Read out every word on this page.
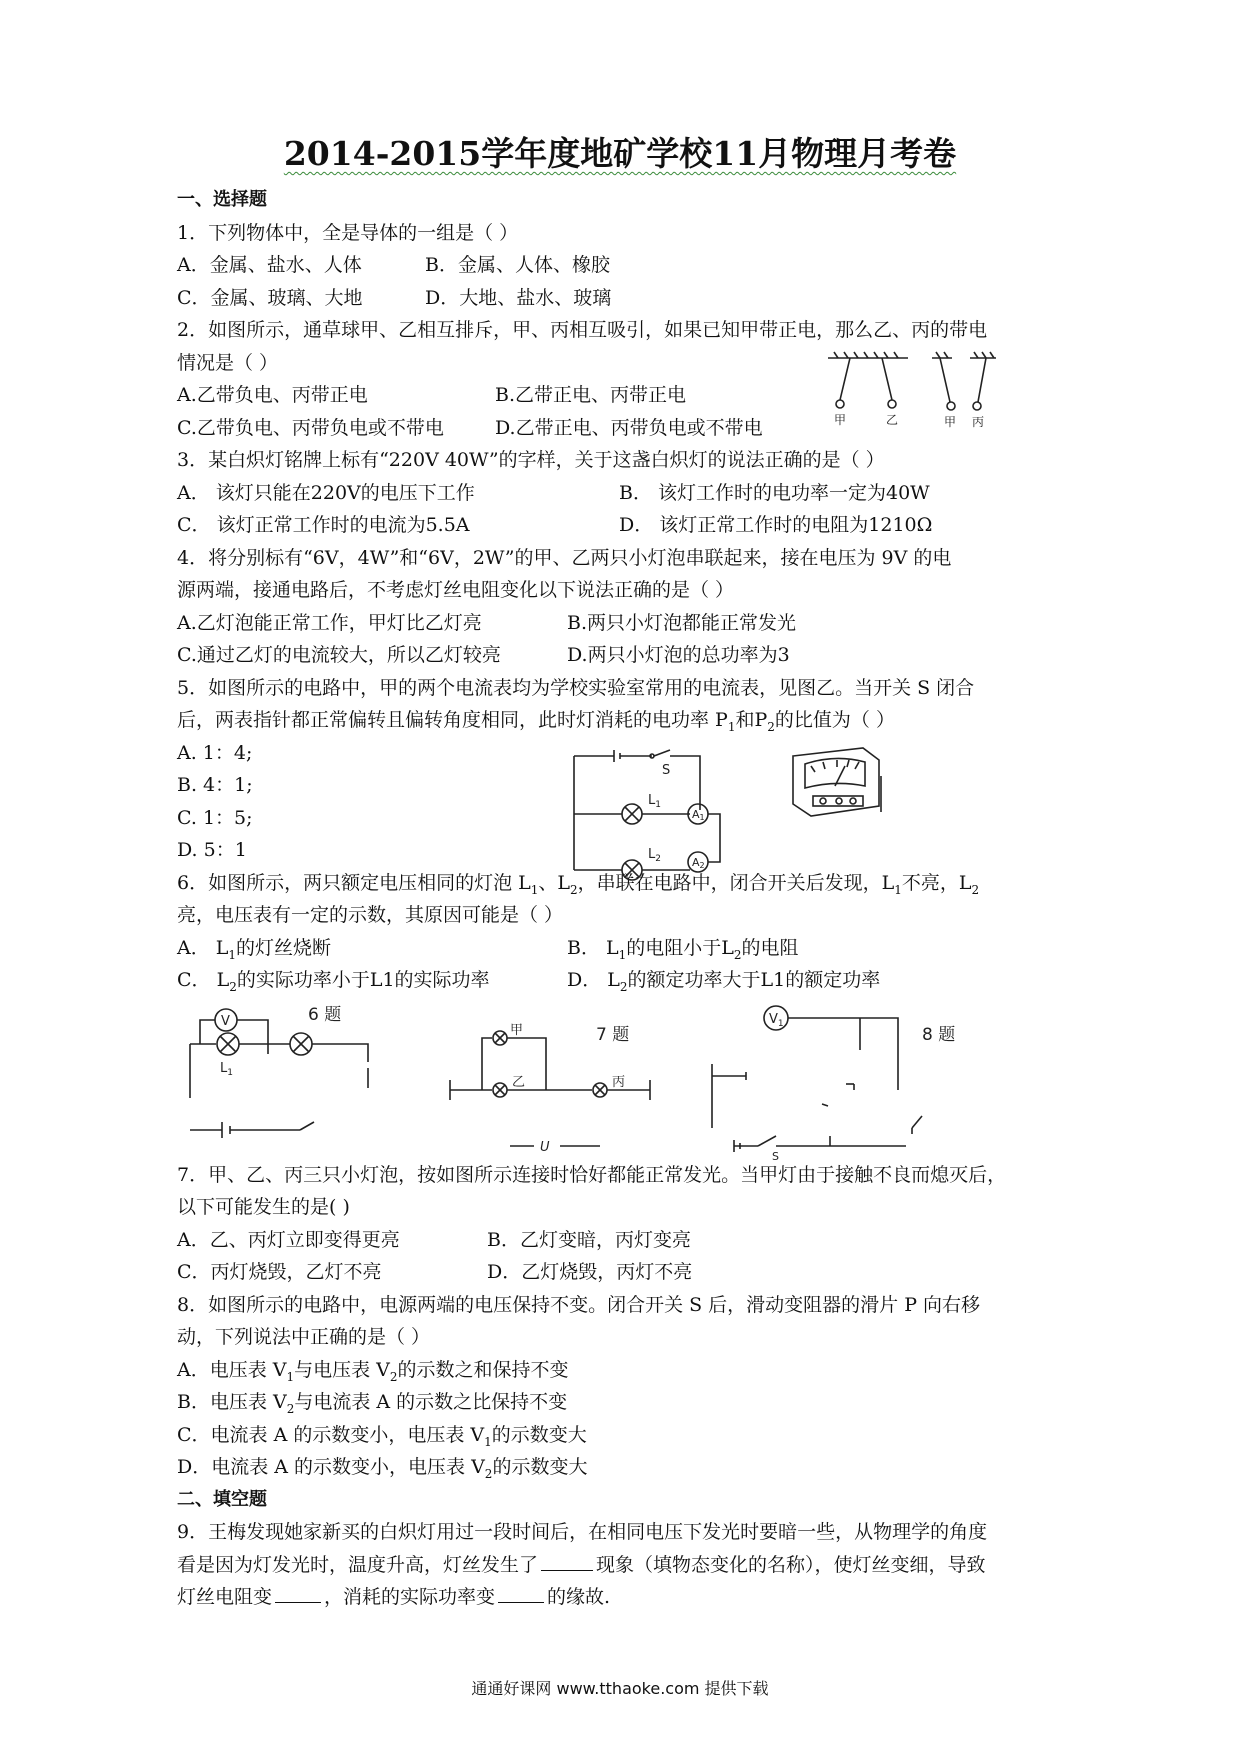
2014-2015学年度地矿学校11月物理月考卷
一、选择题
1．下列物体中，全是导体的一组是（ ）
A．金属、盐水、人体	B．金属、人体、橡胶
C．金属、玻璃、大地	D．大地、盐水、玻璃
2．如图所示，通草球甲、乙相互排斥，甲、丙相互吸引，如果已知甲带正电，那么乙、丙的带电
情况是（ ）
A.乙带负电、丙带正电	B.乙带正电、丙带正电
C.乙带负电、丙带负电或不带电	D.乙带正电、丙带负电或不带电
3．某白炽灯铭牌上标有“220V 40W”的字样，关于这盏白炽灯的说法正确的是（ ）
A． 该灯只能在220V的电压下工作	B． 该灯工作时的电功率一定为40W
C． 该灯正常工作时的电流为5.5A	D． 该灯正常工作时的电阻为1210Ω
4．将分别标有“6V，4W”和“6V，2W”的甲、乙两只小灯泡串联起来，接在电压为 9V 的电
源两端，接通电路后，不考虑灯丝电阻变化以下说法正确的是（ ）
A.乙灯泡能正常工作，甲灯比乙灯亮	B.两只小灯泡都能正常发光
C.通过乙灯的电流较大，所以乙灯较亮	D.两只小灯泡的总功率为3
5．如图所示的电路中，甲的两个电流表均为学校实验室常用的电流表，见图乙。当开关 S 闭合
后，两表指针都正常偏转且偏转角度相同，此时灯消耗的电功率 $P_1$和$P_2$的比值为（ ）
A. 1：4;
B. 4：1;
C. 1：5;
D. 5：1
6．如图所示，两只额定电压相同的灯泡 $L_1$、$L_2$，串联在电路中，闭合开关后发现，$L_1$不亮，$L_2$
亮，电压表有一定的示数，其原因可能是（ ）
A． $L_1$的灯丝烧断	B． $L_1$的电阻小于$L_2$的电阻
C． $L_2$的实际功率小于L1的实际功率	D． $L_2$的额定功率大于L1的额定功率
7．甲、乙、丙三只小灯泡，按如图所示连接时恰好都能正常发光。当甲灯由于接触不良而熄灭后，
以下可能发生的是( )
A．乙、丙灯立即变得更亮	B．乙灯变暗，丙灯变亮
C．丙灯烧毁，乙灯不亮	D．乙灯烧毁，丙灯不亮
8．如图所示的电路中，电源两端的电压保持不变。闭合开关 S 后，滑动变阻器的滑片 P 向右移
动，下列说法中正确的是（ ）
A．电压表 $V_1$与电压表 $V_2$的示数之和保持不变
B．电压表 $V_2$与电流表 A 的示数之比保持不变
C．电流表 A 的示数变小，电压表 $V_1$的示数变大
D．电流表 A 的示数变小，电压表 $V_2$的示数变大
二、填空题
9．王梅发现她家新买的白炽灯用过一段时间后，在相同电压下发光时要暗一些，从物理学的角度
看是因为灯发光时，温度升高，灯丝发生了	现象（填物态变化的名称），使灯丝变细，导致
灯丝电阻变	，消耗的实际功率变	的缘故.
甲	乙	甲 丙
S
$L_1$
$L_2$
A1
A2
6 题
V
$L_1$
7 题
甲
乙	丙
U
8 题
$V_1$
S
通通好课网 www.tthaoke.com 提供下载
